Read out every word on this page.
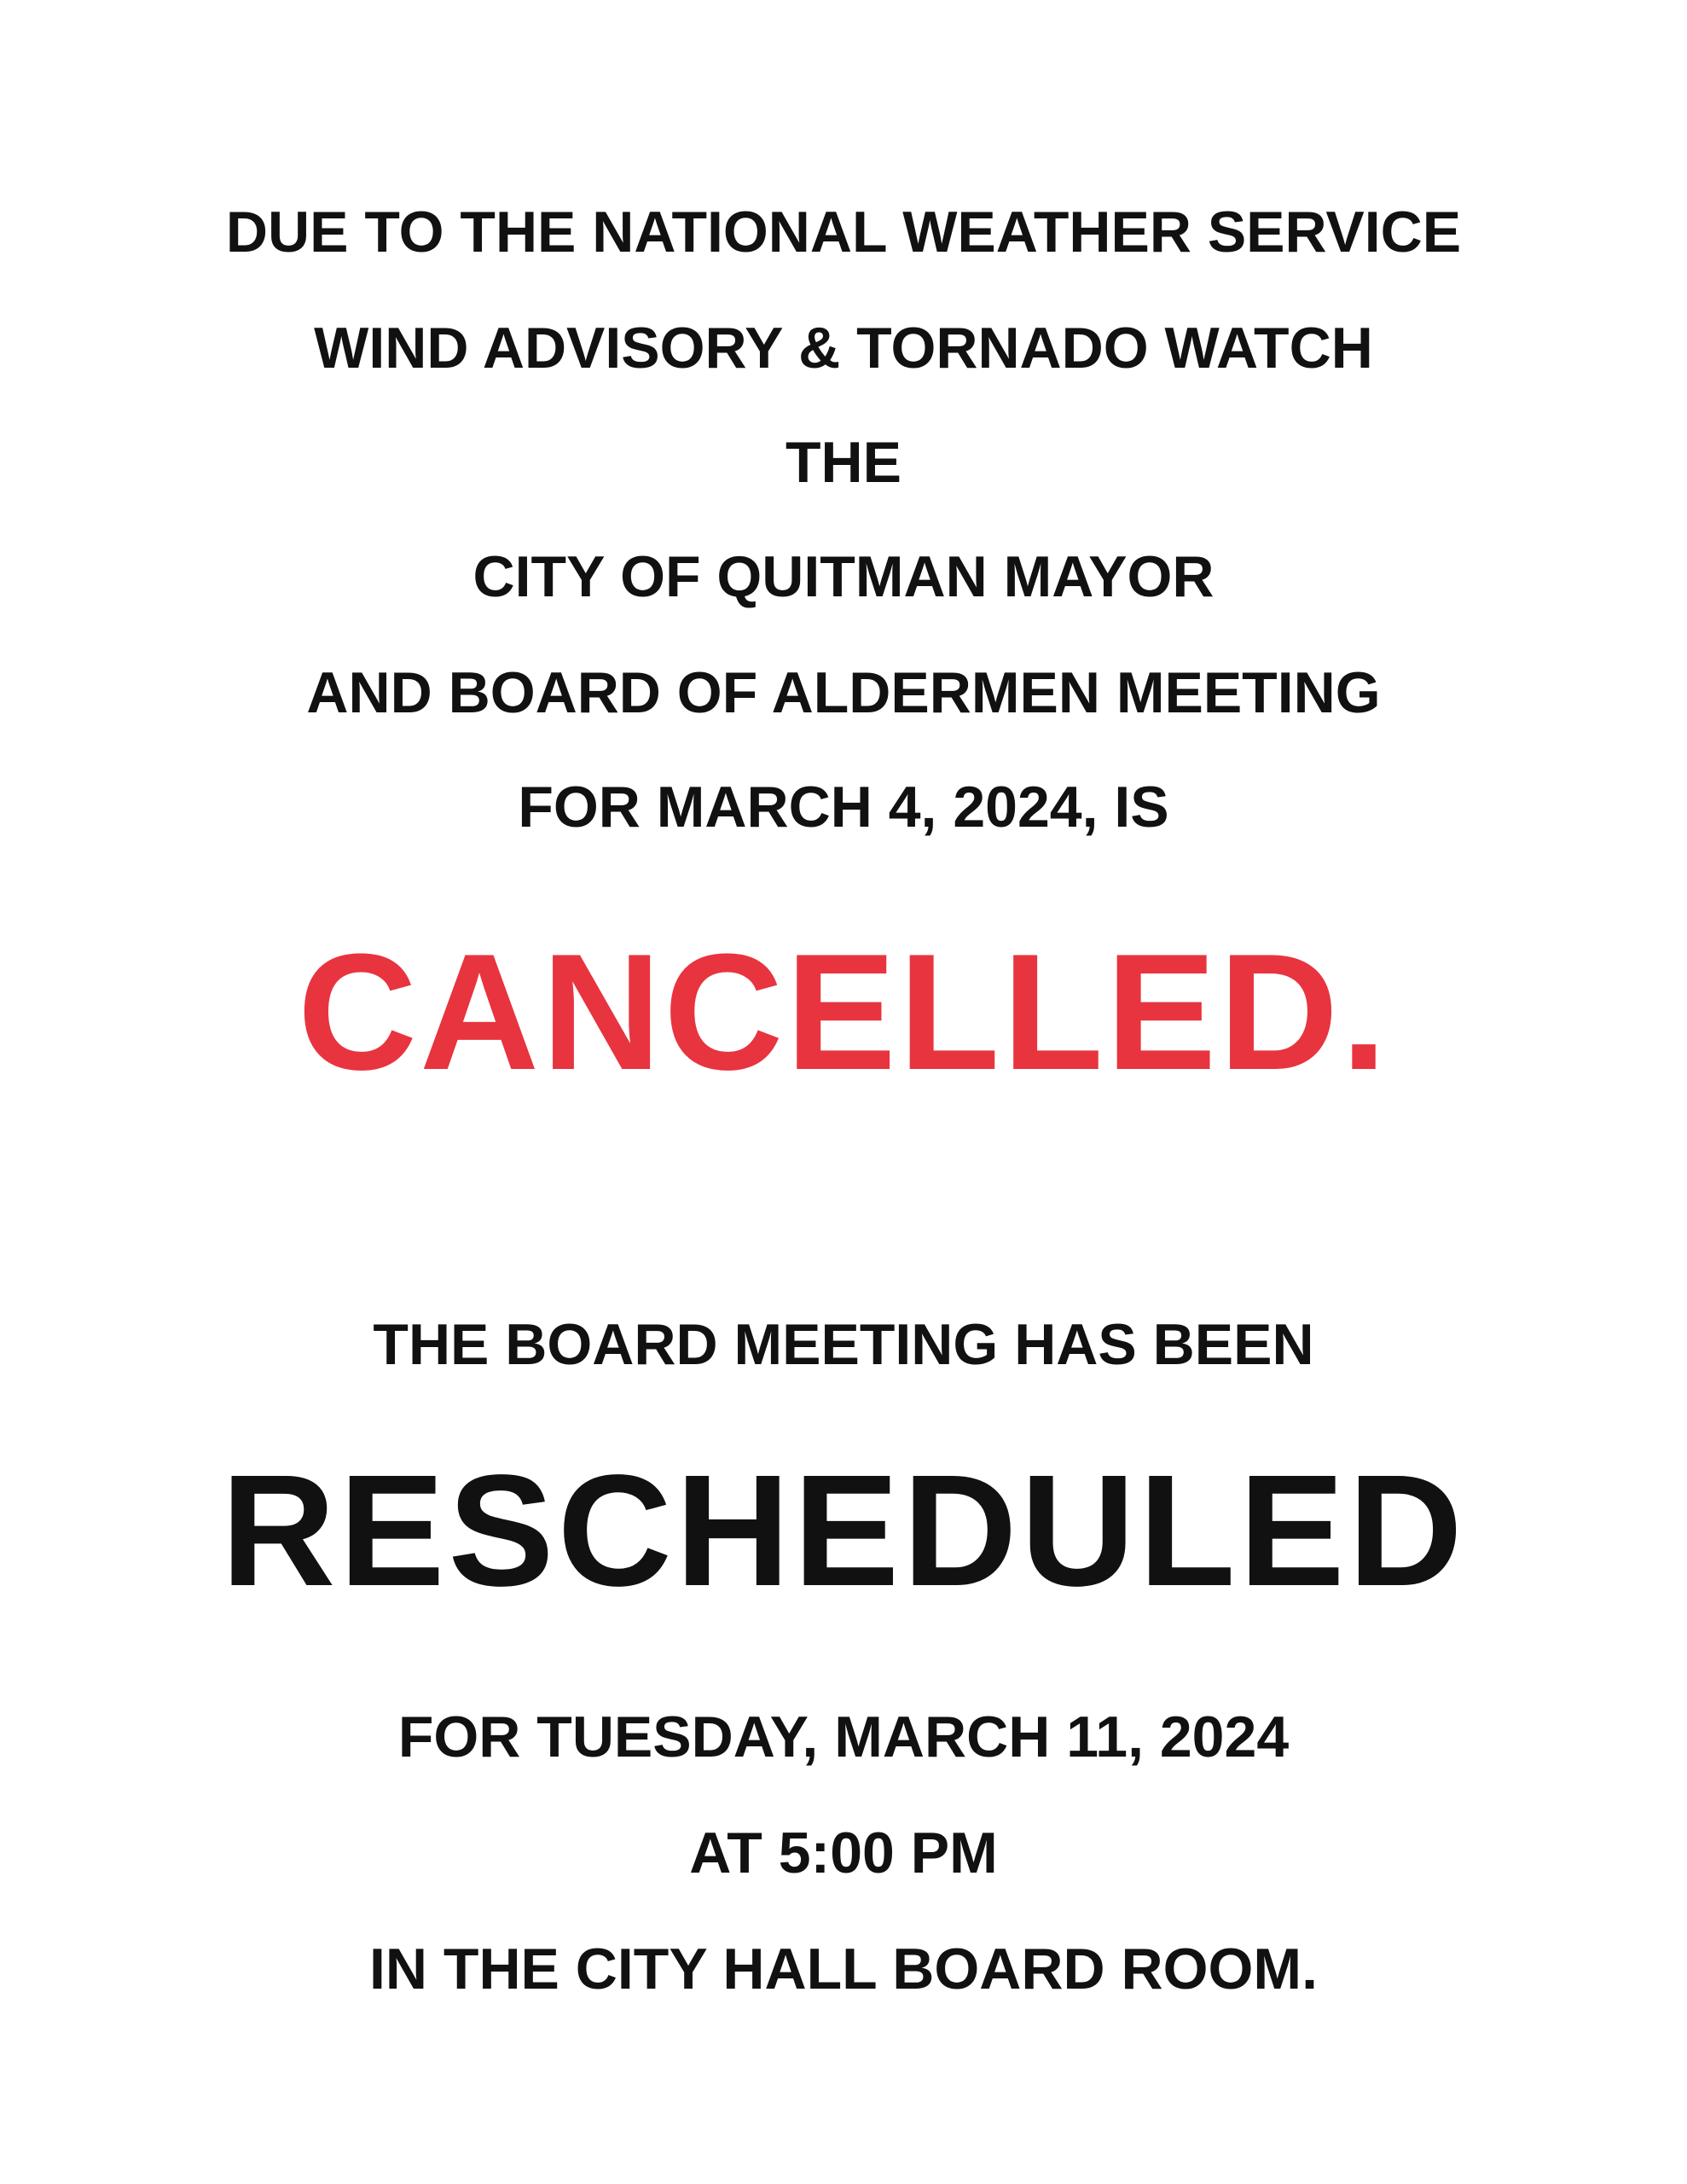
DUE TO THE NATIONAL WEATHER SERVICE
WIND ADVISORY & TORNADO WATCH
THE
CITY OF QUITMAN MAYOR
AND BOARD OF ALDERMEN MEETING
FOR MARCH 4, 2024, IS
CANCELLED.
THE BOARD MEETING HAS BEEN
RESCHEDULED
FOR TUESDAY, MARCH 11, 2024
AT 5:00 PM
IN THE CITY HALL BOARD ROOM.
